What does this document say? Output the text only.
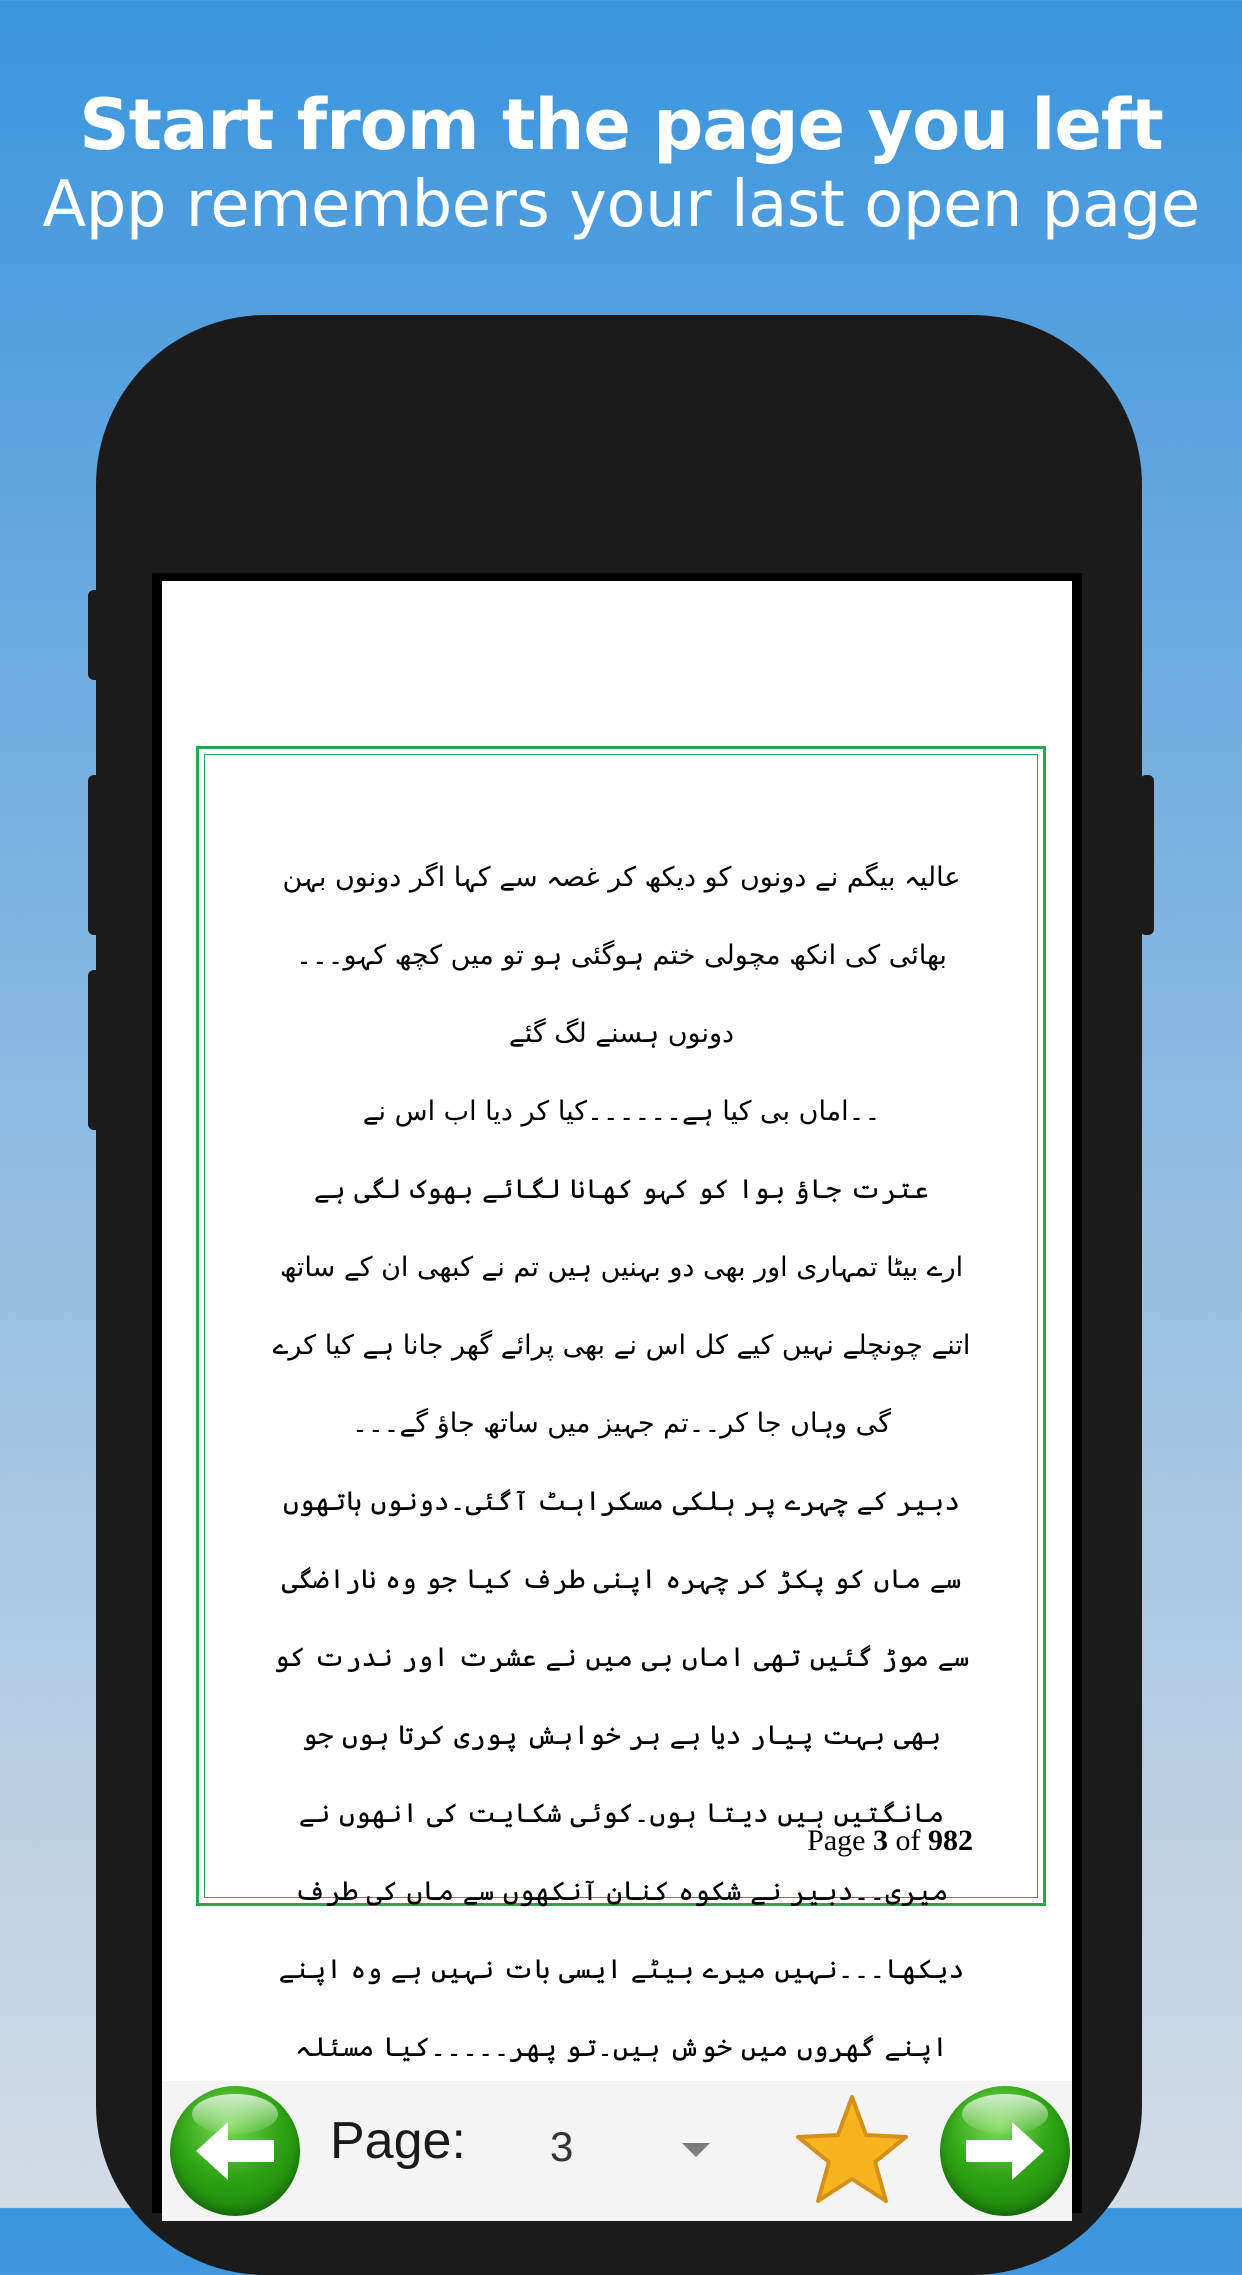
Start from the page you left
App remembers your last open page

عالیہ بیگم نے دونوں کو دیکھ کر غصہ سے کہا اگر دونوں بہن بھائی کی انکھ مچولی ختم ہوگئی ہو تو میں کچھ کہو۔۔۔دونوں ہسنے لگ گئے

۔۔اماں بی کیا ہے۔۔۔۔۔۔کیا کر دیا اب اس نے

عترت جاؤ بوا کو کہو کھانا لگائے بھوک لگی ہے

ارے بیٹا تمہاری اور بھی دو بہنیں ہیں تم نے کبھی ان کے ساتھ اتنے چونچلے نہیں کیے کل اس نے بھی پرائے گھر جانا ہے کیا کرے گی وہاں جا کر۔۔تم جہیز میں ساتھ جاؤ گے۔۔۔

دبیر کے چہرے پر ہلکی مسکراہٹ آگئی۔دونوں ہاتھوں سے ماں کو پکڑ کر چہرہ اپنی طرف کیا جو وہ ناراضگی سے موڑ گئیں تھی اماں بی میں نے عشرت اور ندرت کو بھی بہت پیار دیا ہے ہر خواہش پوری کرتا ہوں جو مانگتیں ہیں دیتا ہوں۔کوئی شکایت کی انھوں نے میری۔۔دبیر نے شکوہ کنان آنکھوں سے ماں کی طرف دیکھا۔۔۔نہیں میرے بیٹے ایسی بات نہیں ہے وہ اپنے اپنے گھروں میں خوش ہیں۔تو پھر۔۔۔۔۔کیا مسئلہ

Page 3 of 982
Page: 3
